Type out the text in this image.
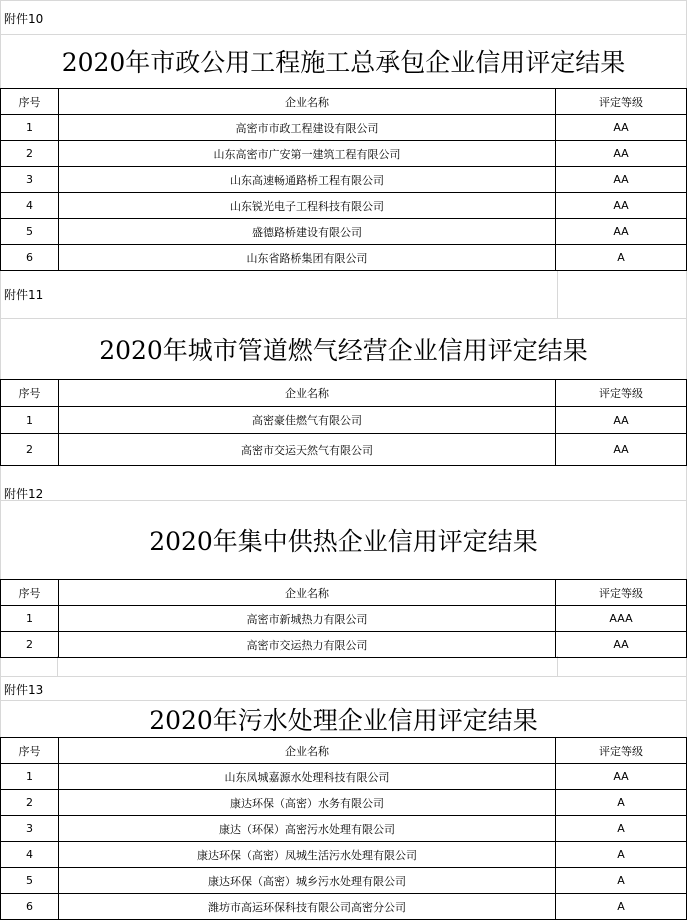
附件10
2020年市政公用工程施工总承包企业信用评定结果
序号	企业名称	评定等级
1	高密市市政工程建设有限公司	AA
2	山东高密市广安第一建筑工程有限公司	AA
3	山东高速畅通路桥工程有限公司	AA
4	山东锐光电子工程科技有限公司	AA
5	盛德路桥建设有限公司	AA
6	山东省路桥集团有限公司	A
附件11
2020年城市管道燃气经营企业信用评定结果
序号	企业名称	评定等级
1	高密豪佳燃气有限公司	AA
2	高密市交运天然气有限公司	AA
附件12
2020年集中供热企业信用评定结果
序号	企业名称	评定等级
1	高密市新城热力有限公司	AAA
2	高密市交运热力有限公司	AA
附件13
2020年污水处理企业信用评定结果
序号	企业名称	评定等级
1	山东凤城嘉源水处理科技有限公司	AA
2	康达环保（高密）水务有限公司	A
3	康达（环保）高密污水处理有限公司	A
4	康达环保（高密）凤城生活污水处理有限公司	A
5	康达环保（高密）城乡污水处理有限公司	A
6	潍坊市高运环保科技有限公司高密分公司	A
